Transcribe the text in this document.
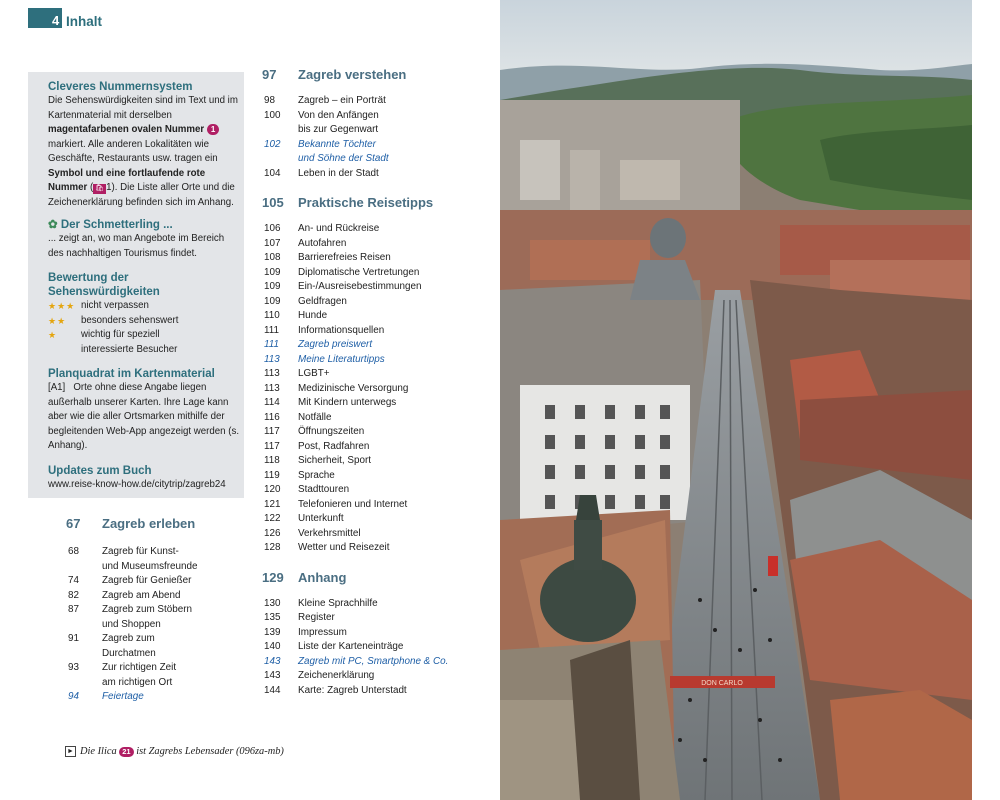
4 Inhalt
Cleveres Nummernsystem
Die Sehenswürdigkeiten sind im Text und im Kartenmaterial mit derselben magentafarbenen ovalen Nummer 1 markiert. Alle anderen Lokalitäten wie Geschäfte, Restaurants usw. tragen ein Symbol und eine fortlaufende rote Nummer ( 🛍 1). Die Liste aller Orte und die Zeichenerklärung befinden sich im Anhang.
✿ Der Schmetterling ...
... zeigt an, wo man Angebote im Bereich des nachhaltigen Tourismus findet.
Bewertung der
Sehenswürdigkeiten
★★★ nicht verpassen
★★	besonders sehenswert
★	wichtig für speziell
interessierte Besucher
Planquadrat im Kartenmaterial
[A1] Orte ohne diese Angabe liegen außerhalb unserer Karten. Ihre Lage kann aber wie die aller Ortsmarken mithilfe der begleitenden Web-App angezeigt werden (s. Anhang).
Updates zum Buch
www.reise-know-how.de/citytrip/zagreb24
67	Zagreb erleben
68	Zagreb für Kunst-
und Museumsfreunde
74	Zagreb für Genießer
82	Zagreb am Abend
87	Zagreb zum Stöbern
und Shoppen
91	Zagreb zum
Durchatmen
93	Zur richtigen Zeit
am richtigen Ort
94	Feiertage
97	Zagreb verstehen
98	Zagreb – ein Porträt
100	Von den Anfängen
bis zur Gegenwart
102	Bekannte Töchter
und Söhne der Stadt
104	Leben in der Stadt
105	Praktische Reisetipps
106	An- und Rückreise
107	Autofahren
108	Barrierefreies Reisen
109	Diplomatische Vertretungen
109	Ein-/Ausreisebestimmungen
109	Geldfragen
110	Hunde
111	Informationsquellen
111	Zagreb preiswert
113	Meine Literaturtipps
113	LGBT+
113	Medizinische Versorgung
114	Mit Kindern unterwegs
116	Notfälle
117	Öffnungszeiten
117	Post, Radfahren
118	Sicherheit, Sport
119	Sprache
120	Stadttouren
121	Telefonieren und Internet
122	Unterkunft
126	Verkehrsmittel
128	Wetter und Reisezeit
129	Anhang
130	Kleine Sprachhilfe
135	Register
139	Impressum
140	Liste der Karteneinträge
143	Zagreb mit PC, Smartphone & Co.
143	Zeichenerklärung
144	Karte: Zagreb Unterstadt
► Die Ilica 21 ist Zagrebs Lebensader (096za-mb)
DON CARLO
